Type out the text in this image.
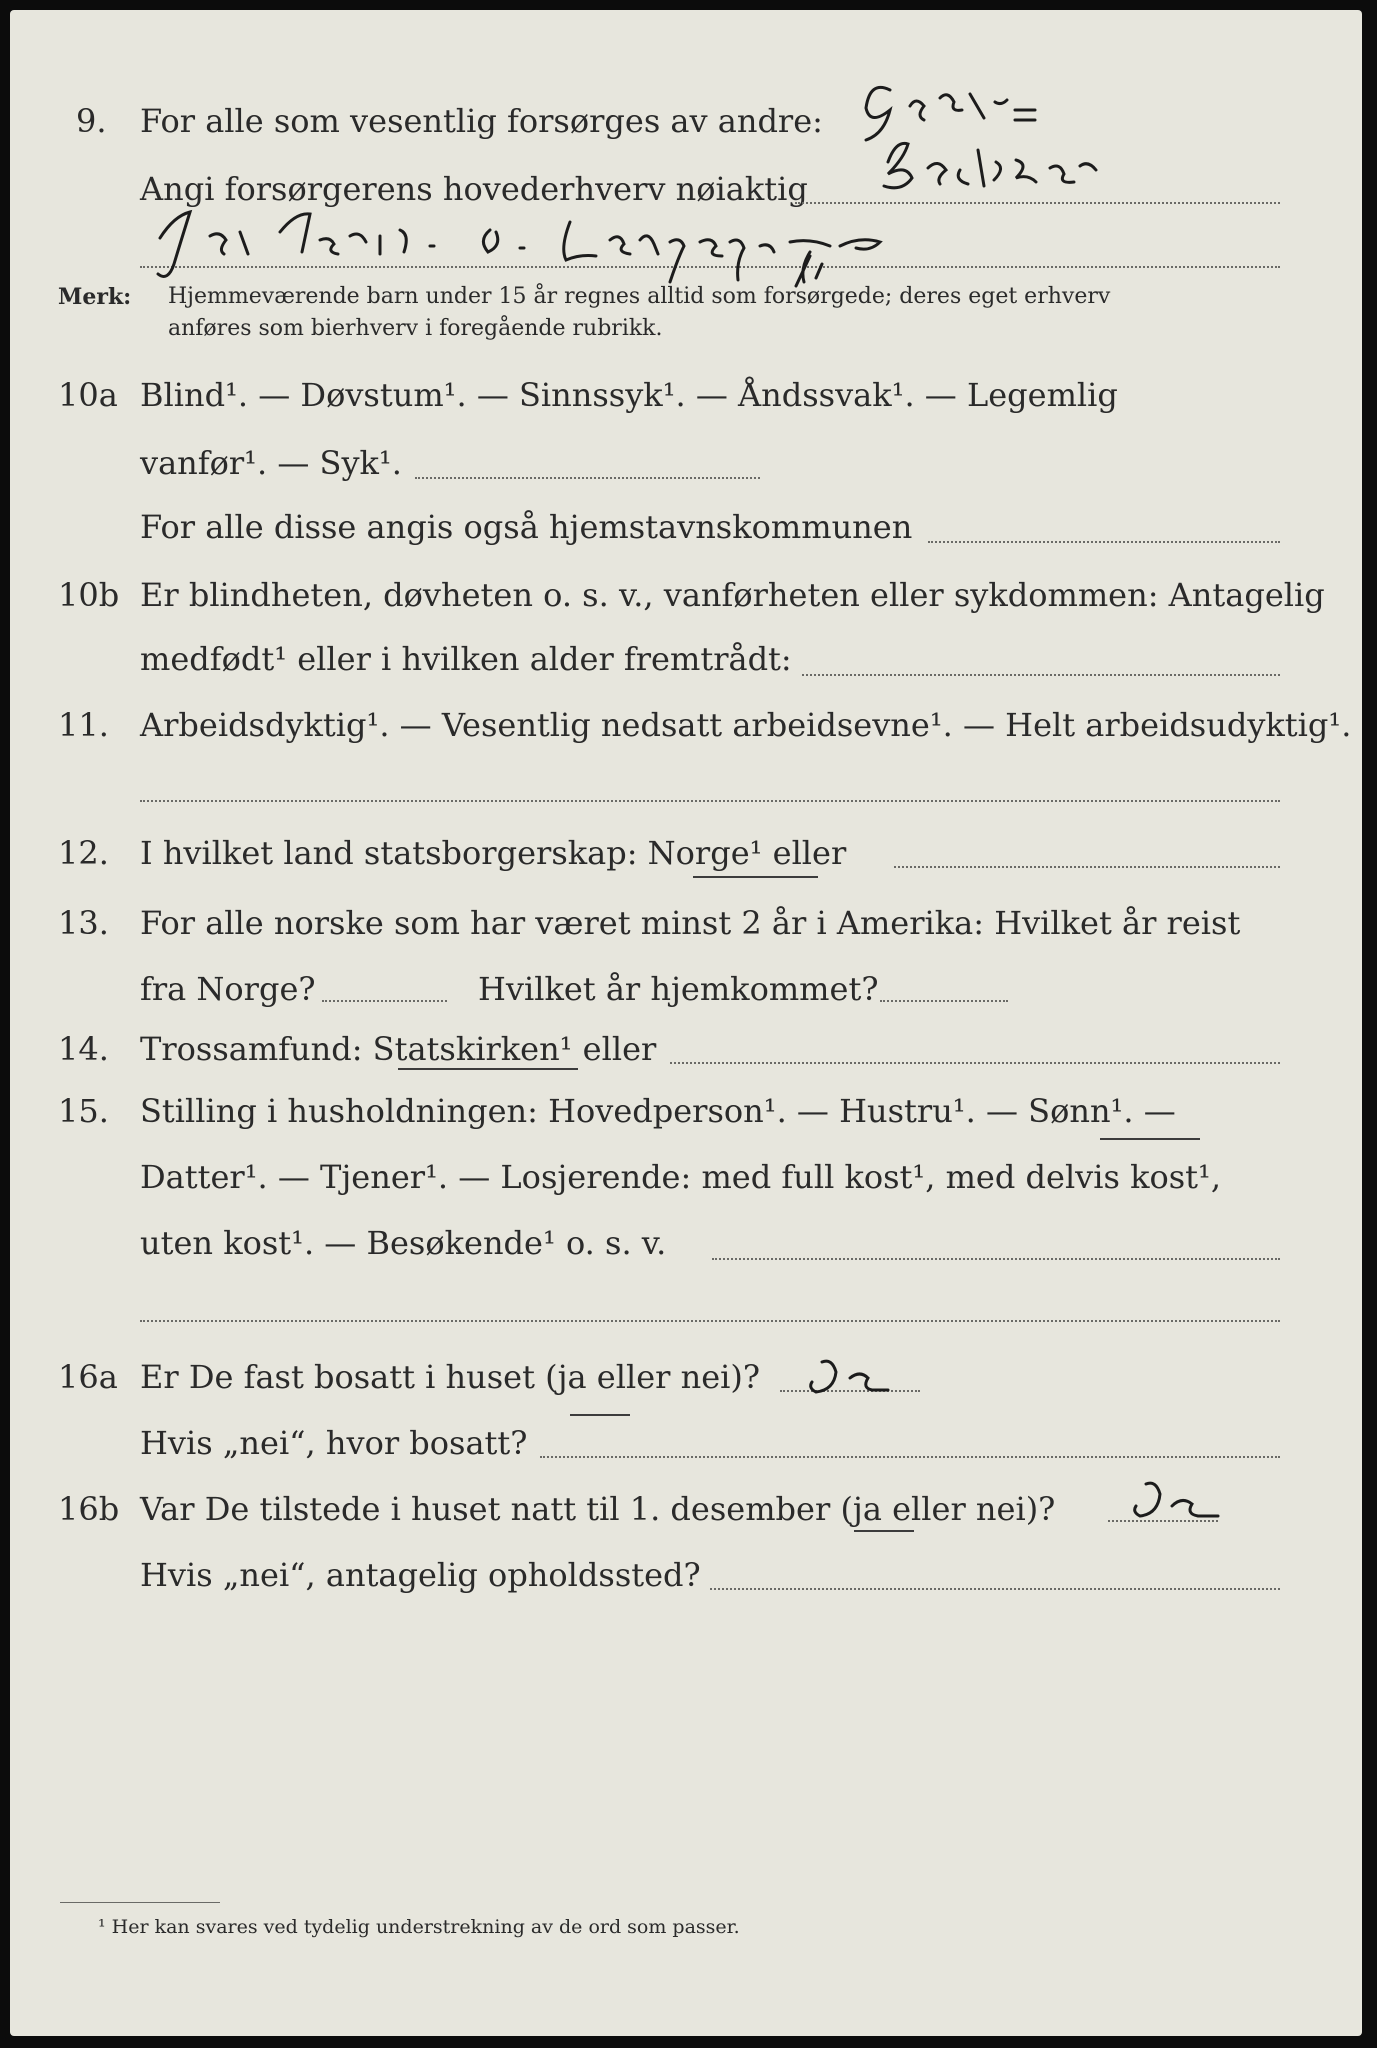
9. For alle som vesentlig forsørges av andre:
Angi forsørgerens hovederhverv nøiaktig
Merk: Hjemmeværende barn under 15 år regnes alltid som forsørgede; deres eget erhverv
anføres som bierhverv i foregående rubrikk.
10a Blind¹. — Døvstum¹. — Sinnssyk¹. — Åndssvak¹. — Legemlig
vanfør¹. — Syk¹.
For alle disse angis også hjemstavnskommunen
10b Er blindheten, døvheten o. s. v., vanførheten eller sykdommen: Antagelig
medfødt¹ eller i hvilken alder fremtrådt:
11. Arbeidsdyktig¹. — Vesentlig nedsatt arbeidsevne¹. — Helt arbeidsudyktig¹.
12. I hvilket land statsborgerskap: Norge¹ eller
13. For alle norske som har været minst 2 år i Amerika: Hvilket år reist
fra Norge?	Hvilket år hjemkommet?
14. Trossamfund: Statskirken¹ eller
15. Stilling i husholdningen: Hovedperson¹. — Hustru¹. — Sønn¹. —
Datter¹. — Tjener¹. — Losjerende: med full kost¹, med delvis kost¹,
uten kost¹. — Besøkende¹ o. s. v.
16a Er De fast bosatt i huset (ja eller nei)?
Hvis „nei“, hvor bosatt?
16b Var De tilstede i huset natt til 1. desember (ja eller nei)?
Hvis „nei“, antagelig opholdssted?
¹ Her kan svares ved tydelig understrekning av de ord som passer.
